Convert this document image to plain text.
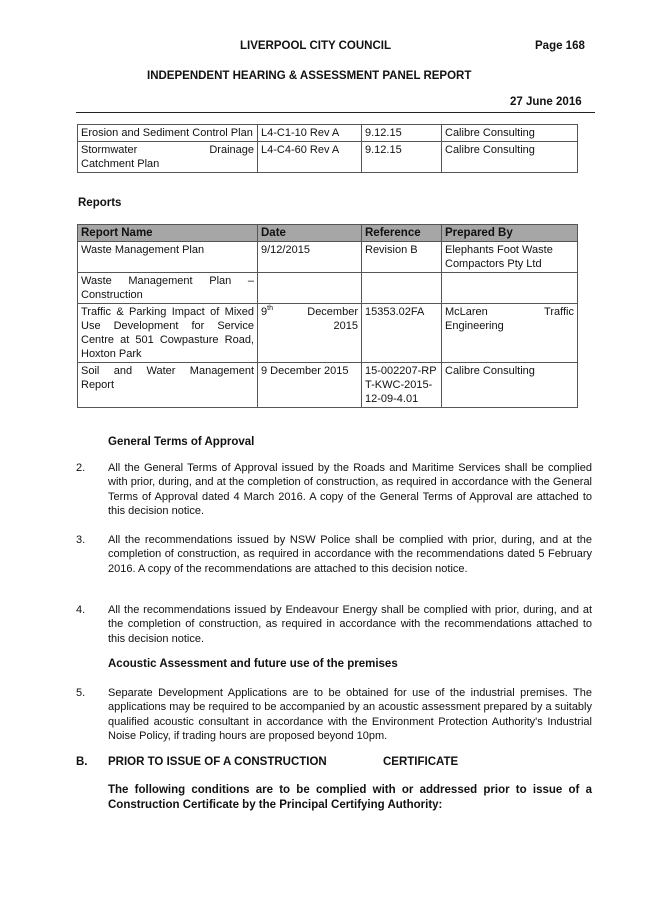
LIVERPOOL CITY COUNCIL	Page 168
INDEPENDENT HEARING & ASSESSMENT PANEL REPORT
27 June 2016
Erosion and Sediment Control Plan	L4-C1-10 Rev A	9.12.15	Calibre Consulting

Stormwater Drainage
Catchment Plan	L4-C4-60 Rev A	9.12.15	Calibre Consulting
Reports
Report Name	Date	Reference	Prepared By
Waste Management Plan	9/12/2015	Revision B	Elephants Foot Waste Compactors Pty Ltd
Waste Management Plan – Construction			
Traffic & Parking Impact of Mixed Use Development for Service Centre at 501 Cowpasture Road, Hoxton Park	9th December 2015	15353.02FA	McLaren Traffic Engineering
Soil and Water Management Report	9 December 2015	15-002207-RPT-KWC-2015-12-09-4.01	Calibre Consulting
General Terms of Approval
2. All the General Terms of Approval issued by the Roads and Maritime Services shall be complied with prior, during, and at the completion of construction, as required in accordance with the General Terms of Approval dated 4 March 2016. A copy of the General Terms of Approval are attached to this decision notice.
3. All the recommendations issued by NSW Police shall be complied with prior, during, and at the completion of construction, as required in accordance with the recommendations dated 5 February 2016. A copy of the recommendations are attached to this decision notice.
4. All the recommendations issued by Endeavour Energy shall be complied with prior, during, and at the completion of construction, as required in accordance with the recommendations attached to this decision notice.
Acoustic Assessment and future use of the premises
5. Separate Development Applications are to be obtained for use of the industrial premises. The applications may be required to be accompanied by an acoustic assessment prepared by a suitably qualified acoustic consultant in accordance with the Environment Protection Authority's Industrial Noise Policy, if trading hours are proposed beyond 10pm.
B. PRIOR TO ISSUE OF A CONSTRUCTION	CERTIFICATE
The following conditions are to be complied with or addressed prior to issue of a Construction Certificate by the Principal Certifying Authority:
